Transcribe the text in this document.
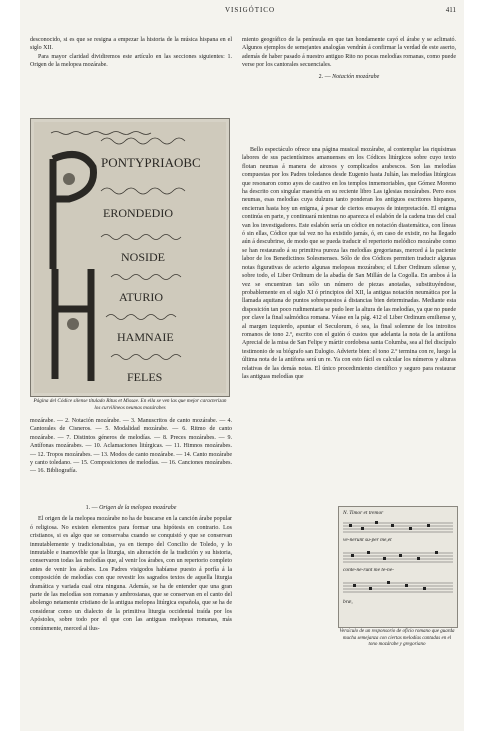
VISIGÓTICO	411

desconocido, si es que se resigna a empezar la historia de la música hispana en el siglo XII.

Para mayor claridad dividiremos este artículo en las secciones siguientes: 1. Origen de la melopea mozárabe.

PONTYPRIAOBC
ERONDEDIO
NOSIDE
ATURIO
HAMNAIE
FELES
Página del Códice silense titulado Ritus et Missae. En ella se ven las que mejor caracterizan los curvilíneos neumas mozárabes
mozárabe. — 2. Notación mozárabe. — 3. Manuscritos de canto mozárabe. — 4. Cantorales de Cisneros. — 5. Modalidad mozárabe. — 6. Ritmo de canto mozárabe. — 7. Distintos géneros de melodías. — 8. Preces mozárabes. — 9. Antífonas mozárabes. — 10. Aclamaciones litúrgicas. — 11. Himnos mozárabes. — 12. Tropos mozárabes. — 13. Modos de canto mozárabe. — 14. Canto mozárabe y canto toledano. — 15. Composiciones de melodías. — 16. Canciones mozárabes. — 16. Bibliografía.

1. — Origen de la melopea mozárabe

El origen de la melopea mozárabe no ha de buscarse en la canción árabe popular ó religiosa. No existen elementos para formar una hipótesis en contrario. Los cristianos, si es algo que se conservaba cuando se conquistó y que se conservan inmutablemente y tradicionalistas, ya en tiempo del Concilio de Toledo, y lo inmutable e inamovible que la liturgia, sin alteración de la tradición y su historia, conservaron todas las melodías que, al venir los árabes, con un repertorio completo antes de venir los árabes. Los Padres visigodos habíanse puesto á porfía á la composición de melodías con que revestir los sagrados textos de aquella liturgia dramática y variada cual otra ninguna. Además, se ha de entender que una gran parte de las melodías son romanas y ambrosianas, que se conservan en el canto del abolengo netamente cristiano de la antigua melopea litúrgica española, que se ha de considerar como un dialecto de la primitiva liturgia occidental traída por los Apóstoles, sobre todo por el que con las antiguas melopeas romanas, más comúnmente, merced al ilus-

miento geográfico de la península en que tan hondamente cayó el árabe y se aclimató. Algunos ejemplos de semejantes analogías vendrán á confirmar la verdad de este aserto, además de haber pasado á nuestro antiguo Rito no pocas melodías romanas, como puede verse por los cantorales secuenciales.

2. — Notación mozárabe

Bello espectáculo ofrece una página musical mozárabe, al contemplar las riquísimas labores de sus pacientísimos amanuenses en los Códices litúrgicos sobre cuyo texto flotan neumas á manera de airosos y complicados arabescos. Son las melodías compuestas por los Padres toledanos desde Eugenio hasta Julián, las melodías litúrgicas que resonaron como ayes de cautivo en los templos inmemoriables, que Gómez Moreno ha descrito con singular maestría en su reciente libro Las iglesias mozárabes. Pero esos neumas, esas melodías cuya dulzura tanto ponderan los antiguos escritores hispanos, encierran hasta hoy un enigma, á pesar de ciertos ensayos de interpretación. El enigma continúa en parte, y continuará mientras no aparezca el eslabón de la cadena tras del cual van los investigadores. Este eslabón sería un códice en notación diastemática, con líneas ó sin ellas, Códice que tal vez no ha existido jamás, ó, en caso de existir, no ha llegado aún á descubrirse, de modo que se pueda traducir el repertorio melódico mozárabe como se han restaurado á su primitiva pureza las melodías gregorianas, merced á la paciente labor de los Benedictinos Solesmenses. Sólo de dos Códices permiten traducir algunas notas figurativas de acierto algunas melopeas mozárabes; el Liber Ordinum silense y, sobre todo, el Liber Ordinum de la abadía de San Millán de la Cogolla. En ambos á la vez se encuentran tan sólo un número de piezas anotadas, substituyéndose, probablemente en el siglo XI ó principios del XII, la antigua notación neumática por la llamada aquitana de puntos sobrepuestos á distancias bien determinadas. Mediante esta disposición tan poco rudimentaria se pudo leer la altura de las melodías, ya que no puede por clave la final salmódica romana. Véase en la pág. 412 el Liber Ordinum emiliense y, al margen izquierdo, apuntar el Seculorum, ó sea, la final solemne de los introitos romanos de tono 2.º, escrito con el guión ó custos que adelanta la nota de la antífona Aprecial de la misa de San Felipe y mártir cordobesa santa Columba, sea al fiel discípulo testimonio de su biógrafo san Eulogio. Advierte bien: el tono 2.º termina con re, luego la última nota de la antífona será un re. Ya con esto fácil es calcular los números y alturas relativas de las demás notas. El único procedimiento científico y seguro para restaurar las antiguas melodías que

N. Timor et tremor
ve-nerunt su-per me,et
conte-ne-runt me te-ne-
bræ,
Versículo de un responsorio de oficio romano que guarda mucha semejanza con ciertas melodías cantadas en el tono mozárabe y gregoriano
